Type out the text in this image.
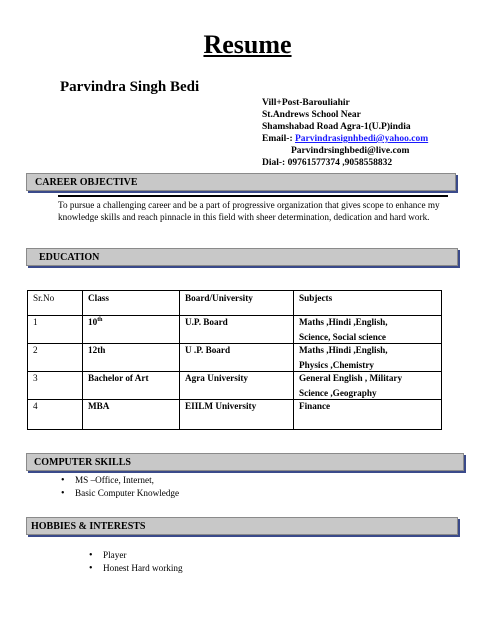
Resume
Parvindra Singh Bedi
Vill+Post-Barouliahir
St.Andrews School Near
Shamshabad Road Agra-1(U.P)india
Email-: Parvindrasignhbedi@yahoo.com
Parvindrsinghbedi@live.com
Dial-: 09761577374 ,9058558832
CAREER OBJECTIVE
To pursue a challenging career and be a part of progressive organization that gives scope to enhance my knowledge skills and reach pinnacle in this field with sheer determination, dedication and hard work.
EDUCATION
Sr.No	Class	Board/University	Subjects
1	10th	U.P. Board	Maths ,Hindi ,English,
Science, Social science

2	12th	U .P. Board	Maths ,Hindi ,English,
Physics ,Chemistry

3	Bachelor of Art	Agra University	General English , Military
Science ,Geography

4	MBA	EIILM University	Finance
COMPUTER SKILLS
• MS –Office, Internet,
• Basic Computer Knowledge
HOBBIES & INTERESTS
• Player
• Honest Hard working
